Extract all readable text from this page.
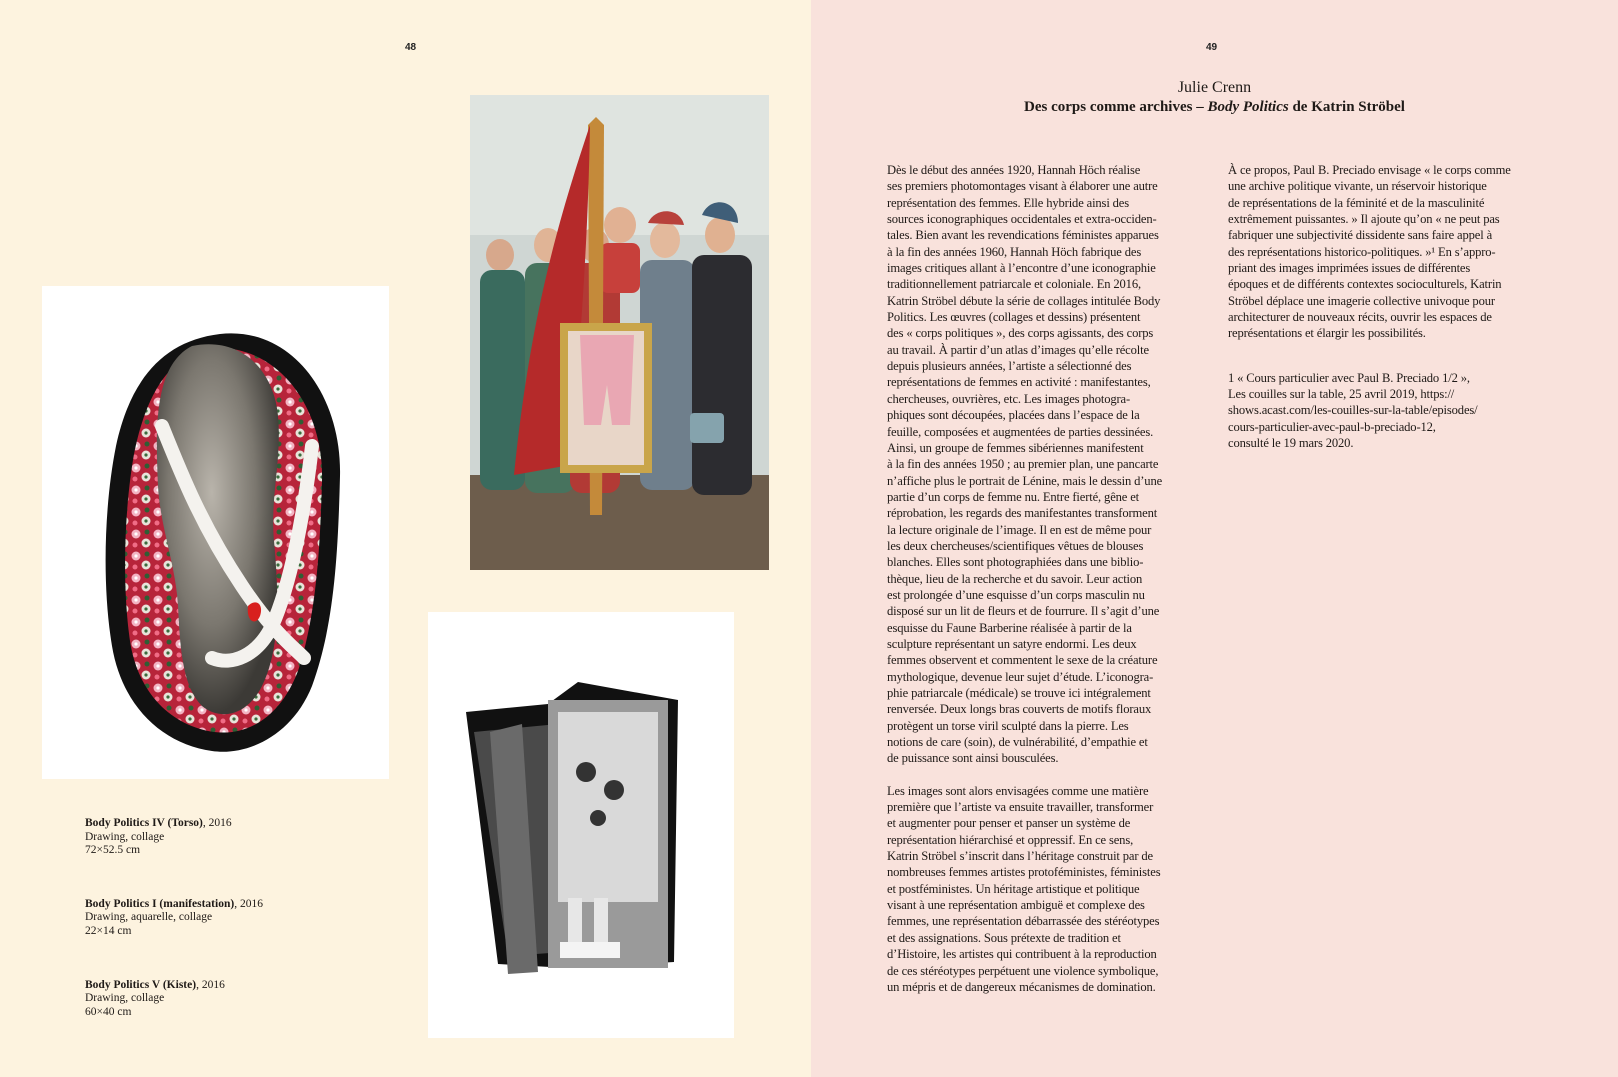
48
Body Politics IV (Torso), 2016
Drawing, collage
72×52.5 cm
Body Politics I (manifestation), 2016
Drawing, aquarelle, collage
22×14 cm
Body Politics V (Kiste), 2016
Drawing, collage
60×40 cm
49
Julie Crenn
Des corps comme archives – Body Politics de Katrin Ströbel
Dès le début des années 1920, Hannah Höch réalise
ses premiers photomontages visant à élaborer une autre
représentation des femmes. Elle hybride ainsi des
sources iconographiques occidentales et extra-occiden-
tales. Bien avant les revendications féministes apparues
à la fin des années 1960, Hannah Höch fabrique des
images critiques allant à l’encontre d’une iconographie
traditionnellement patriarcale et coloniale. En 2016,
Katrin Ströbel débute la série de collages intitulée Body
Politics. Les œuvres (collages et dessins) présentent
des « corps politiques », des corps agissants, des corps
au travail. À partir d’un atlas d’images qu’elle récolte
depuis plusieurs années, l’artiste a sélectionné des
représentations de femmes en activité : manifestantes,
chercheuses, ouvrières, etc. Les images photogra-
phiques sont découpées, placées dans l’espace de la
feuille, composées et augmentées de parties dessinées.
Ainsi, un groupe de femmes sibériennes manifestent
à la fin des années 1950 ; au premier plan, une pancarte
n’affiche plus le portrait de Lénine, mais le dessin d’une
partie d’un corps de femme nu. Entre fierté, gêne et
réprobation, les regards des manifestantes transforment
la lecture originale de l’image. Il en est de même pour
les deux chercheuses/scientifiques vêtues de blouses
blanches. Elles sont photographiées dans une biblio-
thèque, lieu de la recherche et du savoir. Leur action
est prolongée d’une esquisse d’un corps masculin nu
disposé sur un lit de fleurs et de fourrure. Il s’agit d’une
esquisse du Faune Barberine réalisée à partir de la
sculpture représentant un satyre endormi. Les deux
femmes observent et commentent le sexe de la créature
mythologique, devenue leur sujet d’étude. L’iconogra-
phie patriarcale (médicale) se trouve ici intégralement
renversée. Deux longs bras couverts de motifs floraux
protègent un torse viril sculpté dans la pierre. Les
notions de care (soin), de vulnérabilité, d’empathie et
de puissance sont ainsi bousculées.
Les images sont alors envisagées comme une matière
première que l’artiste va ensuite travailler, transformer
et augmenter pour penser et panser un système de
représentation hiérarchisé et oppressif. En ce sens,
Katrin Ströbel s’inscrit dans l’héritage construit par de
nombreuses femmes artistes protoféministes, féministes
et postféministes. Un héritage artistique et politique
visant à une représentation ambiguë et complexe des
femmes, une représentation débarrassée des stéréotypes
et des assignations. Sous prétexte de tradition et
d’Histoire, les artistes qui contribuent à la reproduction
de ces stéréotypes perpétuent une violence symbolique,
un mépris et de dangereux mécanismes de domination.
À ce propos, Paul B. Preciado envisage « le corps comme
une archive politique vivante, un réservoir historique
de représentations de la féminité et de la masculinité
extrêmement puissantes. » Il ajoute qu’on « ne peut pas
fabriquer une subjectivité dissidente sans faire appel à
des représentations historico-politiques. »¹ En s’appro-
priant des images imprimées issues de différentes
époques et de différents contextes socioculturels, Katrin
Ströbel déplace une imagerie collective univoque pour
architecturer de nouveaux récits, ouvrir les espaces de
représentations et élargir les possibilités.
1 « Cours particulier avec Paul B. Preciado 1/2 »,
Les couilles sur la table, 25 avril 2019, https://
shows.acast.com/les-couilles-sur-la-table/episodes/
cours-particulier-avec-paul-b-preciado-12,
consulté le 19 mars 2020.
